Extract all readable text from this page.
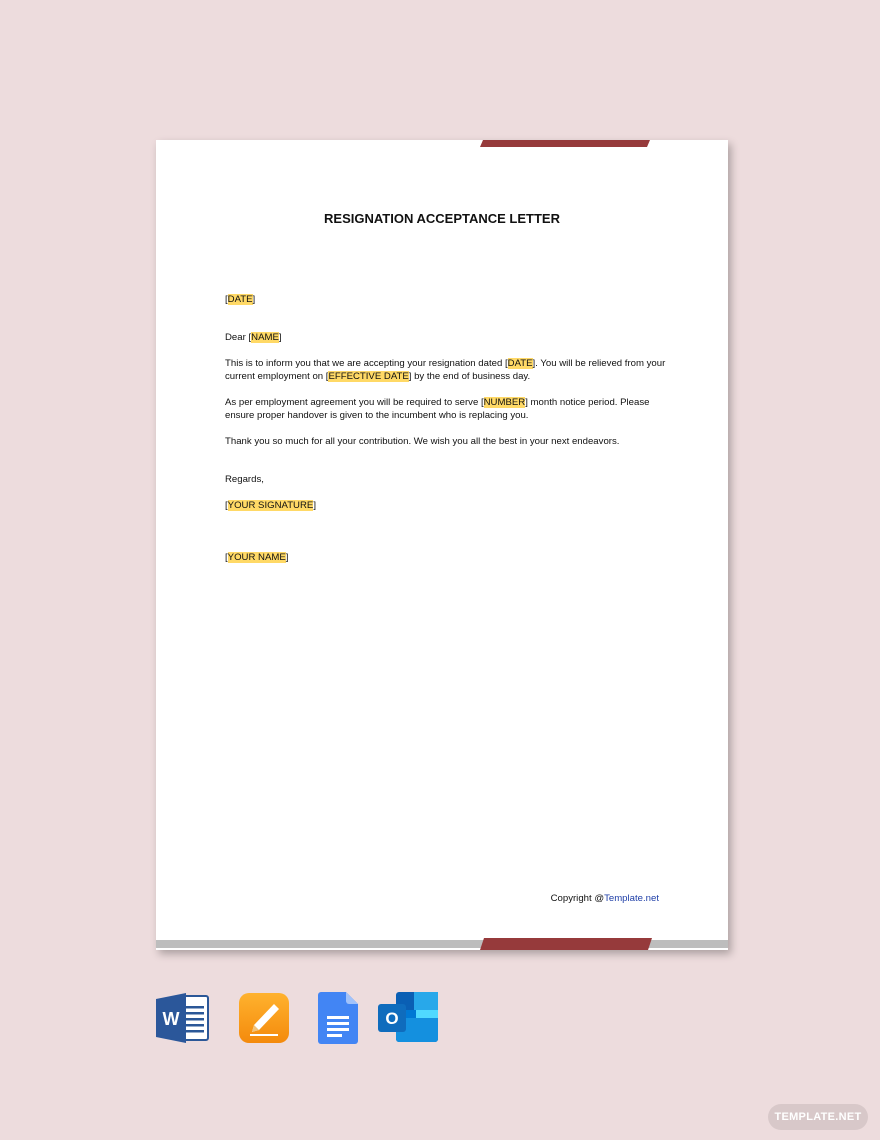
RESIGNATION ACCEPTANCE LETTER
[DATE]
Dear [NAME]
This is to inform you that we are accepting your resignation dated [DATE]. You will be relieved from your current employment on [EFFECTIVE DATE] by the end of business day.
As per employment agreement you will be required to serve [NUMBER] month notice period. Please ensure proper handover is given to the incumbent who is replacing you.
Thank you so much for all your contribution. We wish you all the best in your next endeavors.
Regards,
[YOUR SIGNATURE]
[YOUR NAME]
Copyright @Template.net
W	O
TEMPLATE.NET
